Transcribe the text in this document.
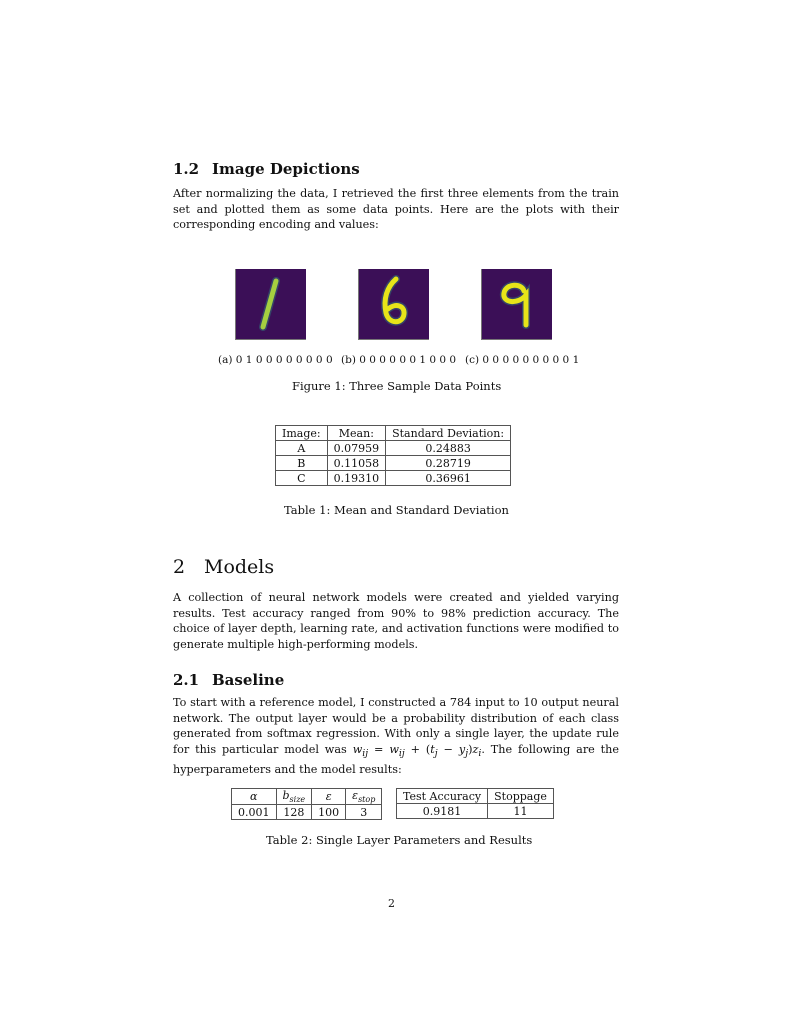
1.2 Image Depictions

After normalizing the data, I retrieved the first three elements from the train set and plotted them as some data points. Here are the plots with their corresponding encoding and values:

(a) 0 1 0 0 0 0 0 0 0 0 (b) 0 0 0 0 0 0 1 0 0 0 (c) 0 0 0 0 0 0 0 0 0 1
Figure 1: Three Sample Data Points
Image:	Mean:	Standard Deviation:
A	0.07959	0.24883
B	0.11058	0.28719
C	0.19310	0.36961
Table 1: Mean and Standard Deviation
2 Models

A collection of neural network models were created and yielded varying results. Test accuracy ranged from 90% to 98% prediction accuracy. The choice of layer depth, learning rate, and activation functions were modified to generate multiple high-performing models.

2.1 Baseline

To start with a reference model, I constructed a 784 input to 10 output neural network. The output layer would be a probability distribution of each class generated from softmax regression. With only a single layer, the update rule for this particular model was $w_{ij} = w_{ij} + (t_j - y_j)z_i$. The following are the hyperparameters and the model results:

α	$b_{size}$	ε	$\varepsilon_{stop}$
0.001	128	100	3
Test Accuracy	Stoppage
0.9181	11
Table 2: Single Layer Parameters and Results
2
